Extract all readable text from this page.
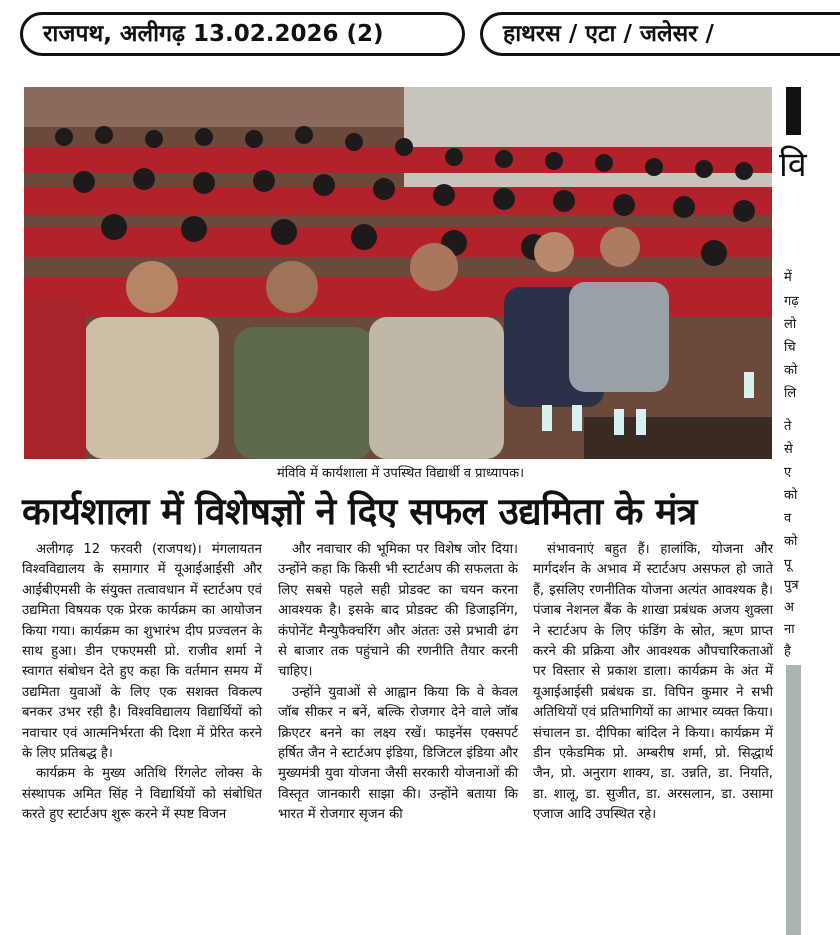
राजपथ, अलीगढ़ 13.02.2026 (2)	हाथरस / एटा / जलेसर /
वि
मंविवि में कार्यशाला में उपस्थित विद्यार्थी व प्राध्यापक।
कार्यशाला में विशेषज्ञों ने दिए सफल उद्यमिता के मंत्र

अलीगढ़ 12 फरवरी (राजपथ)। मंगलायतन विश्वविद्यालय के समागार में यूआईआईसी और आईबीएमसी के संयुक्त तत्वावधान में स्टार्टअप एवं उद्यमिता विषयक एक प्रेरक कार्यक्रम का आयोजन किया गया। कार्यक्रम का शुभारंभ दीप प्रज्वलन के साथ हुआ। डीन एफएमसी प्रो. राजीव शर्मा ने स्वागत संबोधन देते हुए कहा कि वर्तमान समय में उद्यमिता युवाओं के लिए एक सशक्त विकल्प बनकर उभर रही है। विश्वविद्यालय विद्यार्थियों को नवाचार एवं आत्मनिर्भरता की दिशा में प्रेरित करने के लिए प्रतिबद्ध है।

कार्यक्रम के मुख्य अतिथि रिंगलेट लोक्स के संस्थापक अमित सिंह ने विद्यार्थियों को संबोधित करते हुए स्टार्टअप शुरू करने में स्पष्ट विजन

और नवाचार की भूमिका पर विशेष जोर दिया। उन्होंने कहा कि किसी भी स्टार्टअप की सफलता के लिए सबसे पहले सही प्रोडक्ट का चयन करना आवश्यक है। इसके बाद प्रोडक्ट की डिजाइनिंग, कंपोनेंट मैन्युफैक्चरिंग और अंततः उसे प्रभावी ढंग से बाजार तक पहुंचाने की रणनीति तैयार करनी चाहिए।

उन्होंने युवाओं से आह्वान किया कि वे केवल जॉब सीकर न बनें, बल्कि रोजगार देने वाले जॉब क्रिएटर बनने का लक्ष्य रखें। फाइनेंस एक्सपर्ट हर्षित जैन ने स्टार्टअप इंडिया, डिजिटल इंडिया और मुख्यमंत्री युवा योजना जैसी सरकारी योजनाओं की विस्तृत जानकारी साझा की। उन्होंने बताया कि भारत में रोजगार सृजन की

संभावनाएं बहुत हैं। हालांकि, योजना और मार्गदर्शन के अभाव में स्टार्टअप असफल हो जाते हैं, इसलिए रणनीतिक योजना अत्यंत आवश्यक है। पंजाब नेशनल बैंक के शाखा प्रबंधक अजय शुक्ला ने स्टार्टअप के लिए फंडिंग के स्रोत, ऋण प्राप्त करने की प्रक्रिया और आवश्यक औपचारिकताओं पर विस्तार से प्रकाश डाला। कार्यक्रम के अंत में यूआईआईसी प्रबंधक डा. विपिन कुमार ने सभी अतिथियों एवं प्रतिभागियों का आभार व्यक्त किया। संचालन डा. दीपिका बांदिल ने किया। कार्यक्रम में डीन एकेडमिक प्रो. अम्बरीष शर्मा, प्रो. सिद्धार्थ जैन, प्रो. अनुराग शाक्य, डा. उन्नति, डा. नियति, डा. शालू, डा. सुजीत, डा. अरसलान, डा. उसामा एजाज आदि उपस्थित रहे।

में
गढ़
लो
चि
को
लि
ते
से
ए
को
व
को
पू
पुत्र
अ
ना
है
